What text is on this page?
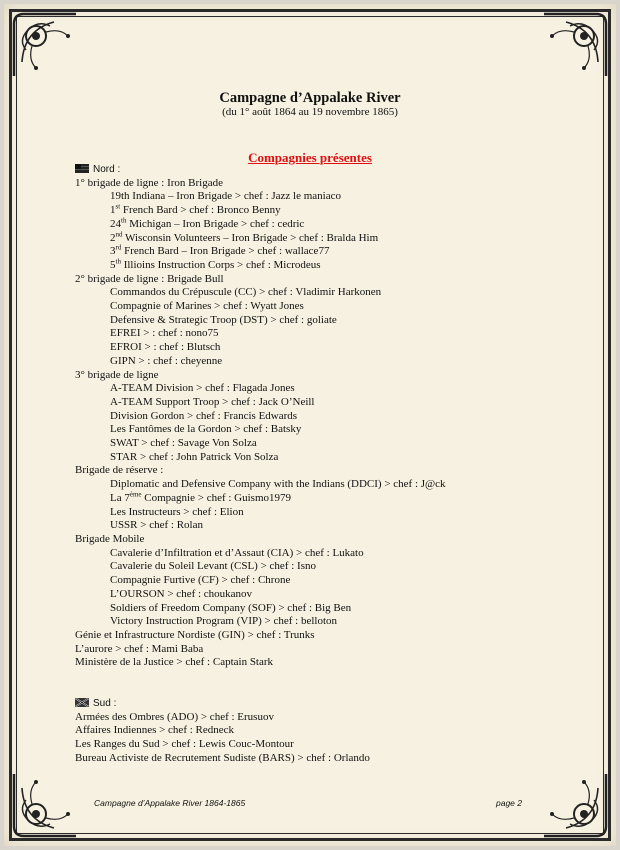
Campagne d’Appalake River
(du 1° août 1864 au 19 novembre 1865)
Compagnies présentes
Nord :
1° brigade de ligne : Iron Brigade
19th Indiana – Iron Brigade > chef : Jazz le maniaco
1st French Bard > chef : Bronco Benny
24th Michigan – Iron Brigade > chef : cedric
2nd Wisconsin Volunteers – Iron Brigade > chef : Bralda Him
3rd French Bard – Iron Brigade > chef : wallace77
5th Illioins Instruction Corps > chef : Microdeus
2° brigade de ligne : Brigade Bull
Commandos du Crépuscule (CC) > chef : Vladimir Harkonen
Compagnie of Marines > chef : Wyatt Jones
Defensive & Strategic Troop (DST) > chef : goliate
EFREI > : chef : nono75
EFROI > : chef : Blutsch
GIPN > : chef : cheyenne
3° brigade de ligne
A-TEAM Division > chef : Flagada Jones
A-TEAM Support Troop > chef : Jack O’Neill
Division Gordon > chef : Francis Edwards
Les Fantômes de la Gordon > chef : Batsky
SWAT > chef : Savage Von Solza
STAR > chef : John Patrick Von Solza
Brigade de réserve :
Diplomatic and Defensive Company with the Indians (DDCI) > chef : J@ck
La 7ème Compagnie > chef : Guismo1979
Les Instructeurs > chef : Elion
USSR > chef : Rolan
Brigade Mobile
Cavalerie d’Infiltration et d’Assaut (CIA) > chef : Lukato
Cavalerie du Soleil Levant (CSL) > chef : Isno
Compagnie Furtive (CF) > chef : Chrone
L’OURSON > chef : choukanov
Soldiers of Freedom Company (SOF) > chef : Big Ben
Victory Instruction Program (VIP) > chef : belloton
Génie et Infrastructure Nordiste (GIN) > chef : Trunks
L’aurore > chef : Mami Baba
Ministère de la Justice > chef : Captain Stark
Sud :
Armées des Ombres (ADO) > chef : Erusuov
Affaires Indiennes > chef : Redneck
Les Ranges du Sud > chef : Lewis Couc-Montour
Bureau Activiste de Recrutement Sudiste (BARS) > chef : Orlando
Campagne d’Appalake River 1864-1865	page 2
